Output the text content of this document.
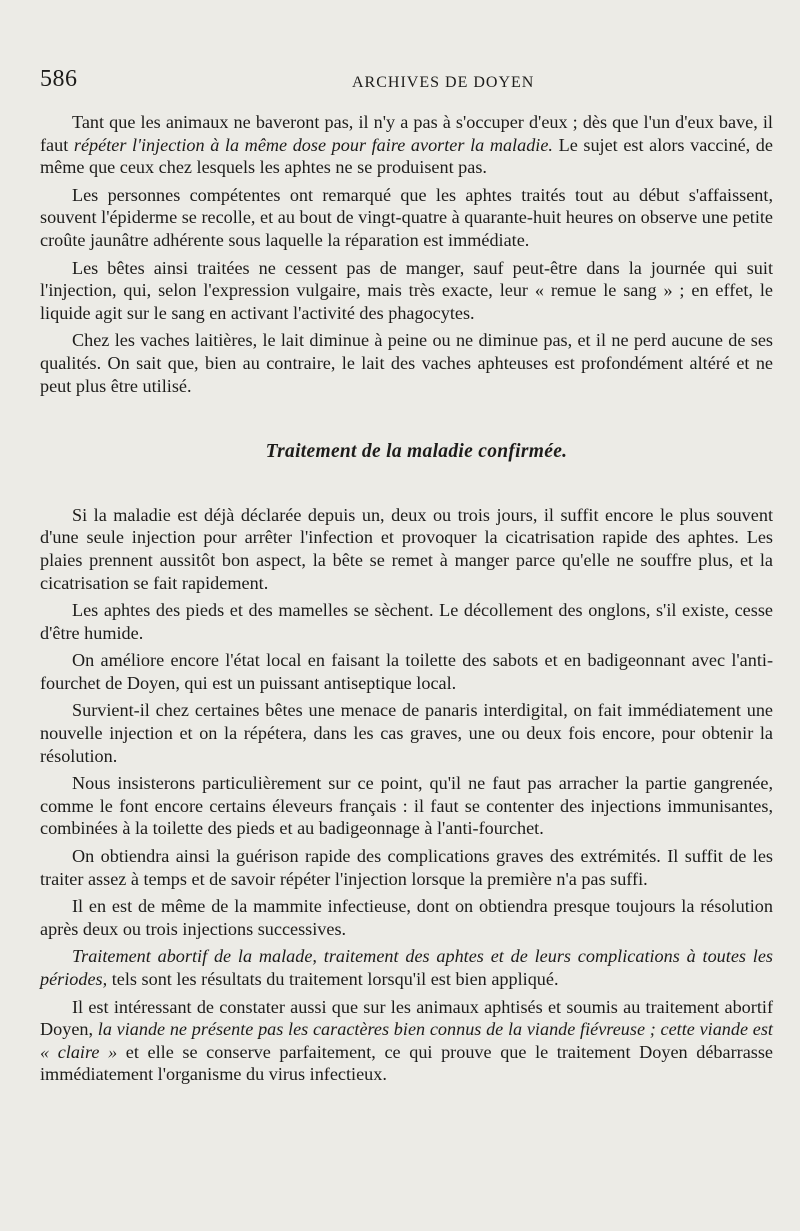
586	ARCHIVES DE DOYEN

Tant que les animaux ne baveront pas, il n'y a pas à s'occuper d'eux ; dès que l'un d'eux bave, il faut répéter l'injection à la même dose pour faire avorter la maladie. Le sujet est alors vacciné, de même que ceux chez lesquels les aphtes ne se produisent pas.

Les personnes compétentes ont remarqué que les aphtes traités tout au début s'affaissent, souvent l'épiderme se recolle, et au bout de vingt-quatre à quarante-huit heures on observe une petite croûte jaunâtre adhérente sous laquelle la réparation est immédiate.

Les bêtes ainsi traitées ne cessent pas de manger, sauf peut-être dans la journée qui suit l'injection, qui, selon l'expression vulgaire, mais très exacte, leur « remue le sang » ; en effet, le liquide agit sur le sang en activant l'activité des phagocytes.

Chez les vaches laitières, le lait diminue à peine ou ne diminue pas, et il ne perd aucune de ses qualités. On sait que, bien au contraire, le lait des vaches aphteuses est profondément altéré et ne peut plus être utilisé.

Traitement de la maladie confirmée.

Si la maladie est déjà déclarée depuis un, deux ou trois jours, il suffit encore le plus souvent d'une seule injection pour arrêter l'infection et provoquer la cicatrisation rapide des aphtes. Les plaies prennent aussitôt bon aspect, la bête se remet à manger parce qu'elle ne souffre plus, et la cicatrisation se fait rapidement.

Les aphtes des pieds et des mamelles se sèchent. Le décollement des onglons, s'il existe, cesse d'être humide.

On améliore encore l'état local en faisant la toilette des sabots et en badigeonnant avec l'anti-fourchet de Doyen, qui est un puissant antiseptique local.

Survient-il chez certaines bêtes une menace de panaris interdigital, on fait immédiatement une nouvelle injection et on la répétera, dans les cas graves, une ou deux fois encore, pour obtenir la résolution.

Nous insisterons particulièrement sur ce point, qu'il ne faut pas arracher la partie gangrenée, comme le font encore certains éleveurs français : il faut se contenter des injections immunisantes, combinées à la toilette des pieds et au badigeonnage à l'anti-fourchet.

On obtiendra ainsi la guérison rapide des complications graves des extrémités. Il suffit de les traiter assez à temps et de savoir répéter l'injection lorsque la première n'a pas suffi.

Il en est de même de la mammite infectieuse, dont on obtiendra presque toujours la résolution après deux ou trois injections successives.

Traitement abortif de la malade, traitement des aphtes et de leurs complications à toutes les périodes, tels sont les résultats du traitement lorsqu'il est bien appliqué.

Il est intéressant de constater aussi que sur les animaux aphtisés et soumis au traitement abortif Doyen, la viande ne présente pas les caractères bien connus de la viande fiévreuse ; cette viande est « claire » et elle se conserve parfaitement, ce qui prouve que le traitement Doyen débarrasse immédiatement l'organisme du virus infectieux.
